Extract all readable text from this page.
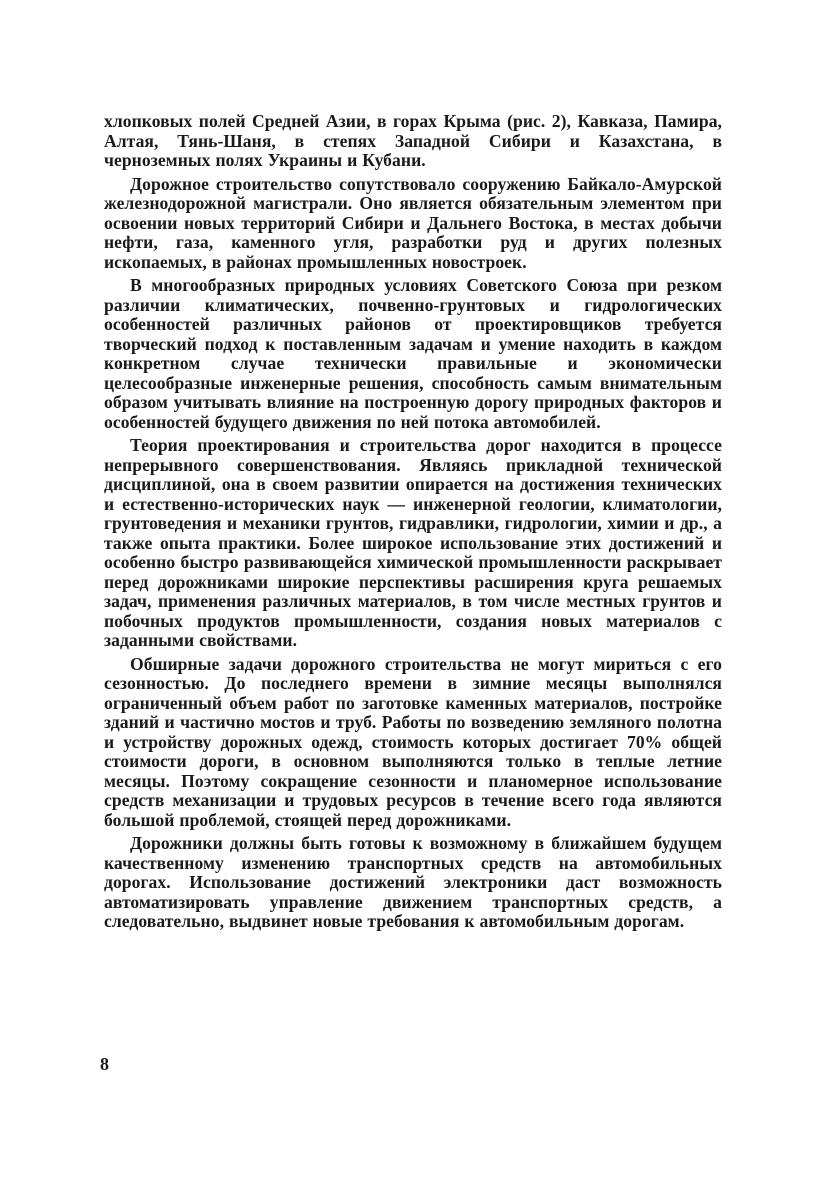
хлопковых полей Средней Азии, в горах Крыма (рис. 2), Кавказа, Памира, Алтая, Тянь-Шаня, в степях Западной Сибири и Казахстана, в черноземных полях Украины и Кубани.

Дорожное строительство сопутствовало сооружению Байкало-Амурской железнодорожной магистрали. Оно является обязательным элементом при освоении новых территорий Сибири и Дальнего Востока, в местах добычи нефти, газа, каменного угля, разработки руд и других полезных ископаемых, в районах промышленных новостроек.

В многообразных природных условиях Советского Союза при резком различии климатических, почвенно-грунтовых и гидрологических особенностей различных районов от проектировщиков требуется творческий подход к поставленным задачам и умение находить в каждом конкретном случае технически правильные и экономически целесообразные инженерные решения, способность самым внимательным образом учитывать влияние на построенную дорогу природных факторов и особенностей будущего движения по ней потока автомобилей.

Теория проектирования и строительства дорог находится в процессе непрерывного совершенствования. Являясь прикладной технической дисциплиной, она в своем развитии опирается на достижения технических и естественно-исторических наук — инженерной геологии, климатологии, грунтоведения и механики грунтов, гидравлики, гидрологии, химии и др., а также опыта практики. Более широкое использование этих достижений и особенно быстро развивающейся химической промышленности раскрывает перед дорожниками широкие перспективы расширения круга решаемых задач, применения различных материалов, в том числе местных грунтов и побочных продуктов промышленности, создания новых материалов с заданными свойствами.

Обширные задачи дорожного строительства не могут мириться с его сезонностью. До последнего времени в зимние месяцы выполнялся ограниченный объем работ по заготовке каменных материалов, постройке зданий и частично мостов и труб. Работы по возведению земляного полотна и устройству дорожных одежд, стоимость которых достигает 70% общей стоимости дороги, в основном выполняются только в теплые летние месяцы. Поэтому сокращение сезонности и планомерное использование средств механизации и трудовых ресурсов в течение всего года являются большой проблемой, стоящей перед дорожниками.

Дорожники должны быть готовы к возможному в ближайшем будущем качественному изменению транспортных средств на автомобильных дорогах. Использование достижений электроники даст возможность автоматизировать управление движением транспортных средств, а следовательно, выдвинет новые требования к автомобильным дорогам.

8
